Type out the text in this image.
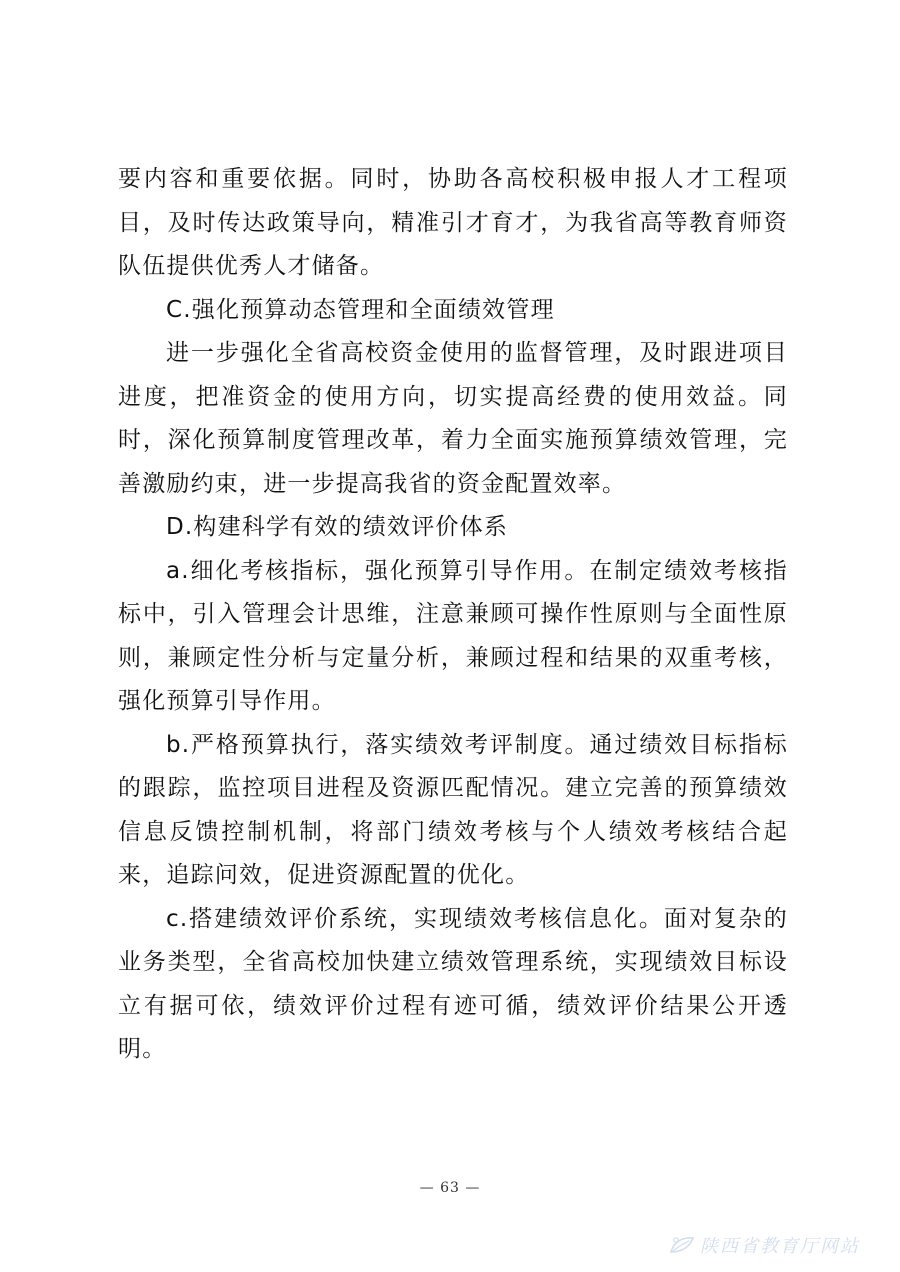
要内容和重要依据。同时，协助各高校积极申报人才工程项目，及时传达政策导向，精准引才育才，为我省高等教育师资队伍提供优秀人才储备。

C.强化预算动态管理和全面绩效管理

进一步强化全省高校资金使用的监督管理，及时跟进项目进度，把准资金的使用方向，切实提高经费的使用效益。同时，深化预算制度管理改革，着力全面实施预算绩效管理，完善激励约束，进一步提高我省的资金配置效率。

D.构建科学有效的绩效评价体系

a.细化考核指标，强化预算引导作用。在制定绩效考核指标中，引入管理会计思维，注意兼顾可操作性原则与全面性原则，兼顾定性分析与定量分析，兼顾过程和结果的双重考核，强化预算引导作用。

b.严格预算执行，落实绩效考评制度。通过绩效目标指标的跟踪，监控项目进程及资源匹配情况。建立完善的预算绩效信息反馈控制机制，将部门绩效考核与个人绩效考核结合起来，追踪问效，促进资源配置的优化。

c.搭建绩效评价系统，实现绩效考核信息化。面对复杂的业务类型，全省高校加快建立绩效管理系统，实现绩效目标设立有据可依，绩效评价过程有迹可循，绩效评价结果公开透明。

— 63 —
陕西省教育厅网站
